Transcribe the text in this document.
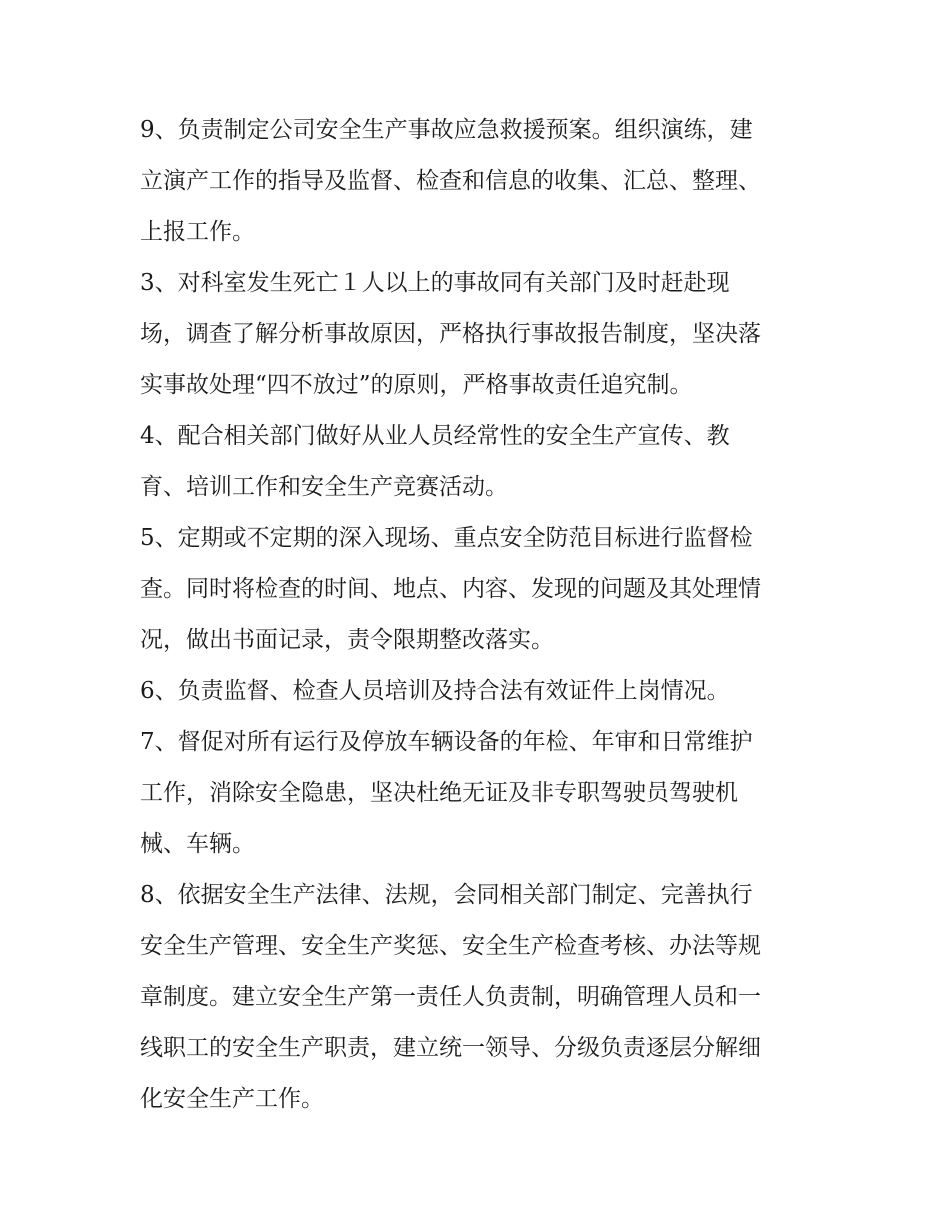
9、负责制定公司安全生产事故应急救援预案。组织演练，建
立演产工作的指导及监督、检查和信息的收集、汇总、整理、
上报工作。
3、对科室发生死亡１人以上的事故同有关部门及时赶赴现
场，调查了解分析事故原因，严格执行事故报告制度，坚决落
实事故处理“四不放过”的原则，严格事故责任追究制。
4、配合相关部门做好从业人员经常性的安全生产宣传、教
育、培训工作和安全生产竞赛活动。
5、定期或不定期的深入现场、重点安全防范目标进行监督检
查。同时将检查的时间、地点、内容、发现的问题及其处理情
况，做出书面记录，责令限期整改落实。
6、负责监督、检查人员培训及持合法有效证件上岗情况。
7、督促对所有运行及停放车辆设备的年检、年审和日常维护
工作，消除安全隐患，坚决杜绝无证及非专职驾驶员驾驶机
械、车辆。
8、依据安全生产法律、法规，会同相关部门制定、完善执行
安全生产管理、安全生产奖惩、安全生产检查考核、办法等规
章制度。建立安全生产第一责任人负责制，明确管理人员和一
线职工的安全生产职责，建立统一领导、分级负责逐层分解细
化安全生产工作。
